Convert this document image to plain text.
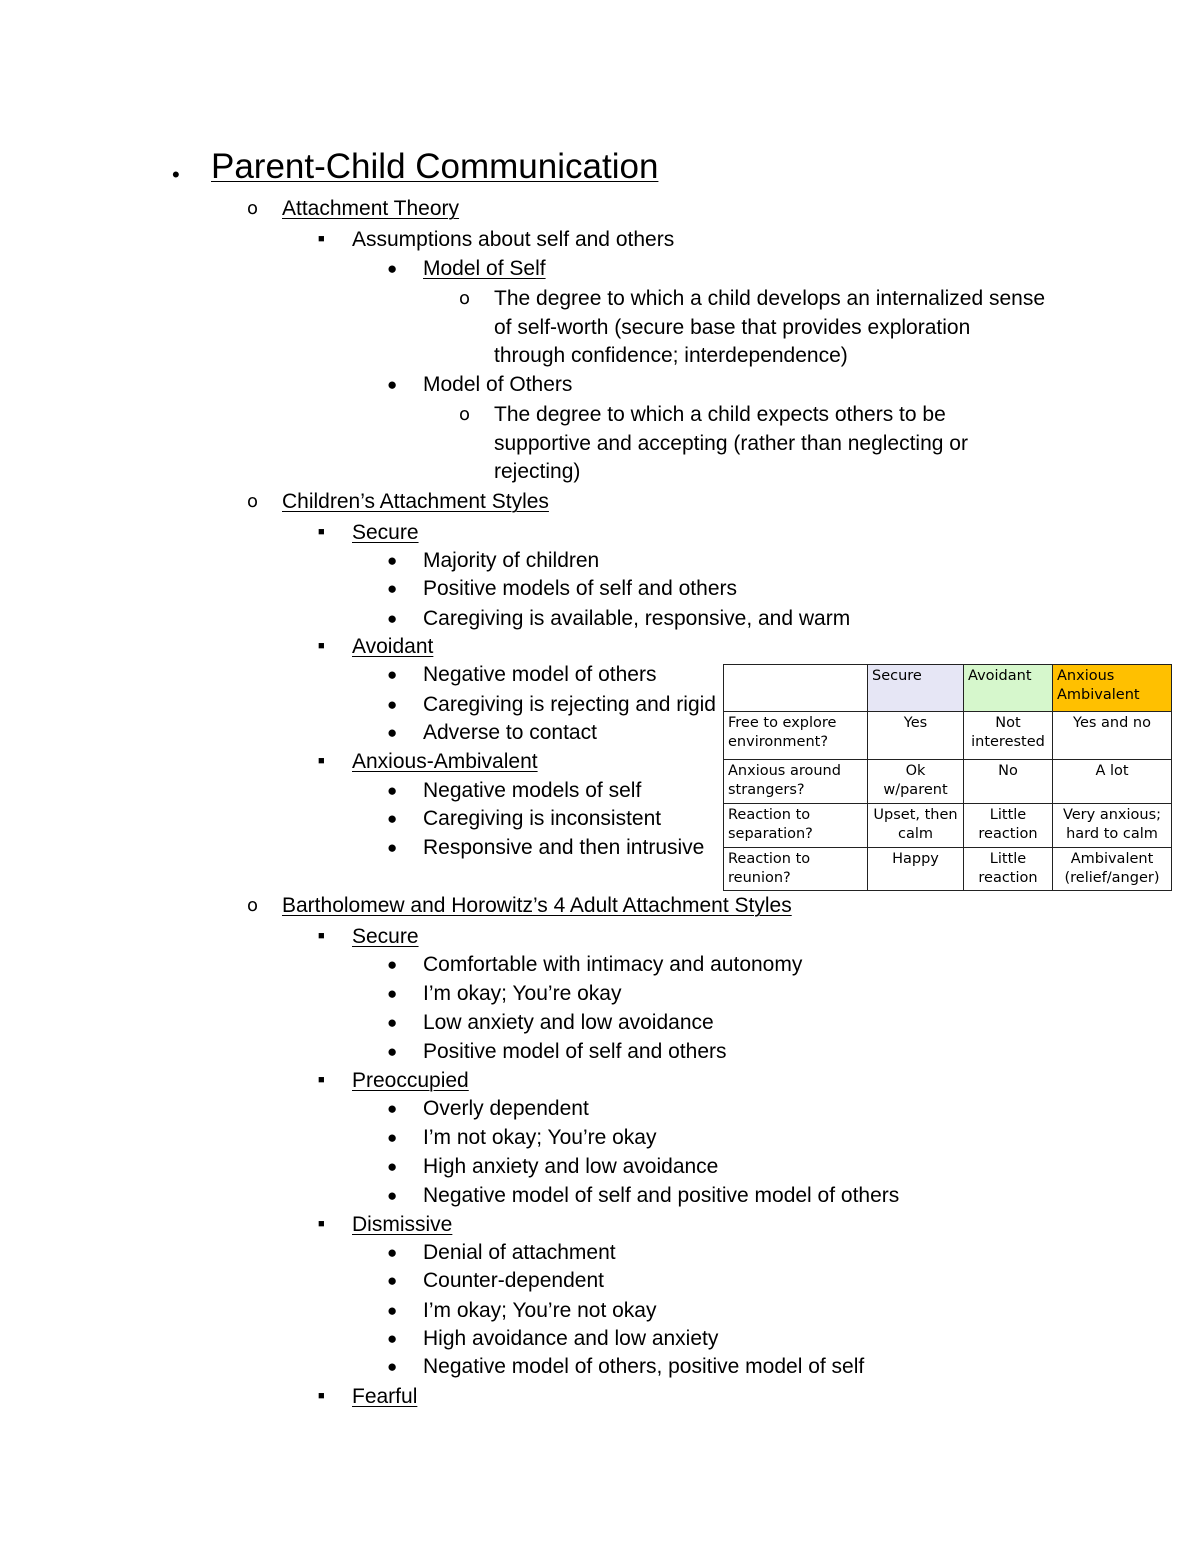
• Parent-Child Communication
o Attachment Theory
■ Assumptions about self and others
● Model of Self
o The degree to which a child develops an internalized sense
of self-worth (secure base that provides exploration
through confidence; interdependence)
● Model of Others
o The degree to which a child expects others to be
supportive and accepting (rather than neglecting or
rejecting)
o Children’s Attachment Styles
■ Secure
● Majority of children
● Positive models of self and others
● Caregiving is available, responsive, and warm
■ Avoidant
● Negative model of others
● Caregiving is rejecting and rigid
● Adverse to contact
■ Anxious-Ambivalent
● Negative models of self
● Caregiving is inconsistent
● Responsive and then intrusive
	Secure	Avoidant	Anxious Ambivalent
Free to explore environment?	Yes	Not interested	Yes and no
Anxious around strangers?	Ok w/parent	No	A lot
Reaction to separation?	Upset, then calm	Little reaction	Very anxious; hard to calm
Reaction to reunion?	Happy	Little reaction	Ambivalent (relief/anger)
o Bartholomew and Horowitz’s 4 Adult Attachment Styles
■ Secure
● Comfortable with intimacy and autonomy
● I’m okay; You’re okay
● Low anxiety and low avoidance
● Positive model of self and others
■ Preoccupied
● Overly dependent
● I’m not okay; You’re okay
● High anxiety and low avoidance
● Negative model of self and positive model of others
■ Dismissive
● Denial of attachment
● Counter-dependent
● I’m okay; You’re not okay
● High avoidance and low anxiety
● Negative model of others, positive model of self
■ Fearful
